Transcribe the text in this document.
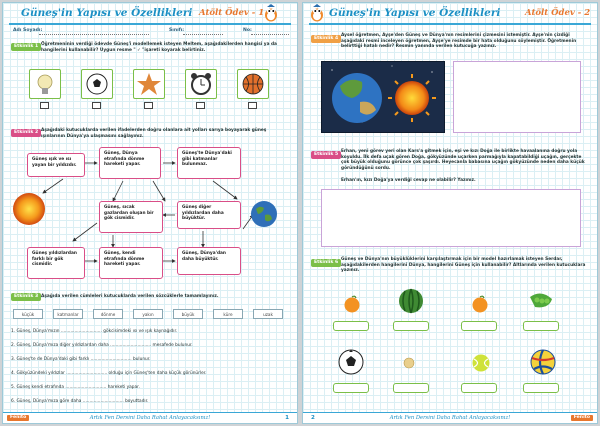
Güneş'in Yapısı ve Özellikleri Atölt Ödev - 1
Adı Soyadı:	Sınıfı:	No:
Etkinlik 1 Öğretmeninin verdiği ödevde Güneş'i modellemek isteyen Meltem, aşağıdakilerden hangisi ya da hangilerini kullanabilir? Uygun resme " ✓ "işareti koyarak belirtiniz.
Etkinlik 2 Aşağıdaki kutucuklarda verilen ifadelerden doğru olanlara ait yolları sarıya boyayarak güneş ışınlarının Dünya'ya ulaşmasını sağlayınız.
Güneş ışık ve ısı yayan bir yıldızdır.
Güneş, Dünya etrafında dönme hareketi yapar.
Güneş'te Dünya'daki gibi katmanlar bulunmaz.
Güneş, sıcak gazlardan oluşan bir gök cismidir.
Güneş diğer yıldızlardan daha büyüktür.
Güneş yıldızlardan farklı bir gök cismidir.
Güneş, kendi etrafında dönme hareketi yapar.
Güneş, Dünya'dan daha büyüktür.
Etkinlik 3 Aşağıda verilen cümleleri kutucuklarda verilen sözcüklerle tamamlayınız.
küçük	katmanlar	dönme	yakın	büyük	küre	uzak
1. Güneş, Dünya'mızın .............................. gökcisimdeki ısı ve ışık kaynağıdır.
2. Güneş, Dünya'mıza diğer yıldızlardan daha .............................. mesafede bulunur.
3. Güneş'te de Dünya'daki gibi farklı .............................. bulunur.
4. Gökyüzündeki yıldızlar .............................. olduğu için Güneş'ten daha küçük görünürler.
5. Güneş kendi etrafında .............................. hareketi yapar.
6. Güneş, Dünya'mıza göre daha .............................. boyuttadır.
Fenito	Artık Fen Dersini Daha Rahat Anlayacaksınız!	1
Güneş'in Yapısı ve Özellikleri	Atölt Ödev - 2
Etkinlik 4
Aysel öğretmen, Ayşe'den Güneş ve Dünya'nın resimlerini çizmesini istemiştir. Ayşe'nin çizdiği aşağıdaki resmi inceleyen öğretmen, Ayşe'ye resimde bir hata olduğunu söylemiştir. Öğretmenin belirttiği hatalı nedir? Resmin yanında verilen kutucuğa yazınız.
Etkinlik 5
Erhan, yeni görev yeri olan Kars'a gitmek için, eşi ve kızı Doğa ile birlikte havaalanına doğru yola koyuldu. İlk defa uçak gören Doğa, gökyüzünde uçarken parmağıyla kapatabildiği uçağın, gerçekte çok büyük olduğunu görünce çok şaşırdı. Heyecanla babasına uçağın gökyüzünde neden daha küçük göründüğünü sordu.
Erhan'ın, kızı Doğa'ya verdiği cevap ne olabilir? Yazınız.
Etkinlik 6
Güneş ve Dünya'nın büyüklüklerini karşılaştırmak için bir model hazırlamak isteyen Serdar, aşağıdakilerden hangilerini Dünya, hangilerini Güneş için kullanabilir? Altlarında verilen kutucuklara yazınız.
2	Artık Fen Dersini Daha Rahat Anlayacaksınız!	Fenito
